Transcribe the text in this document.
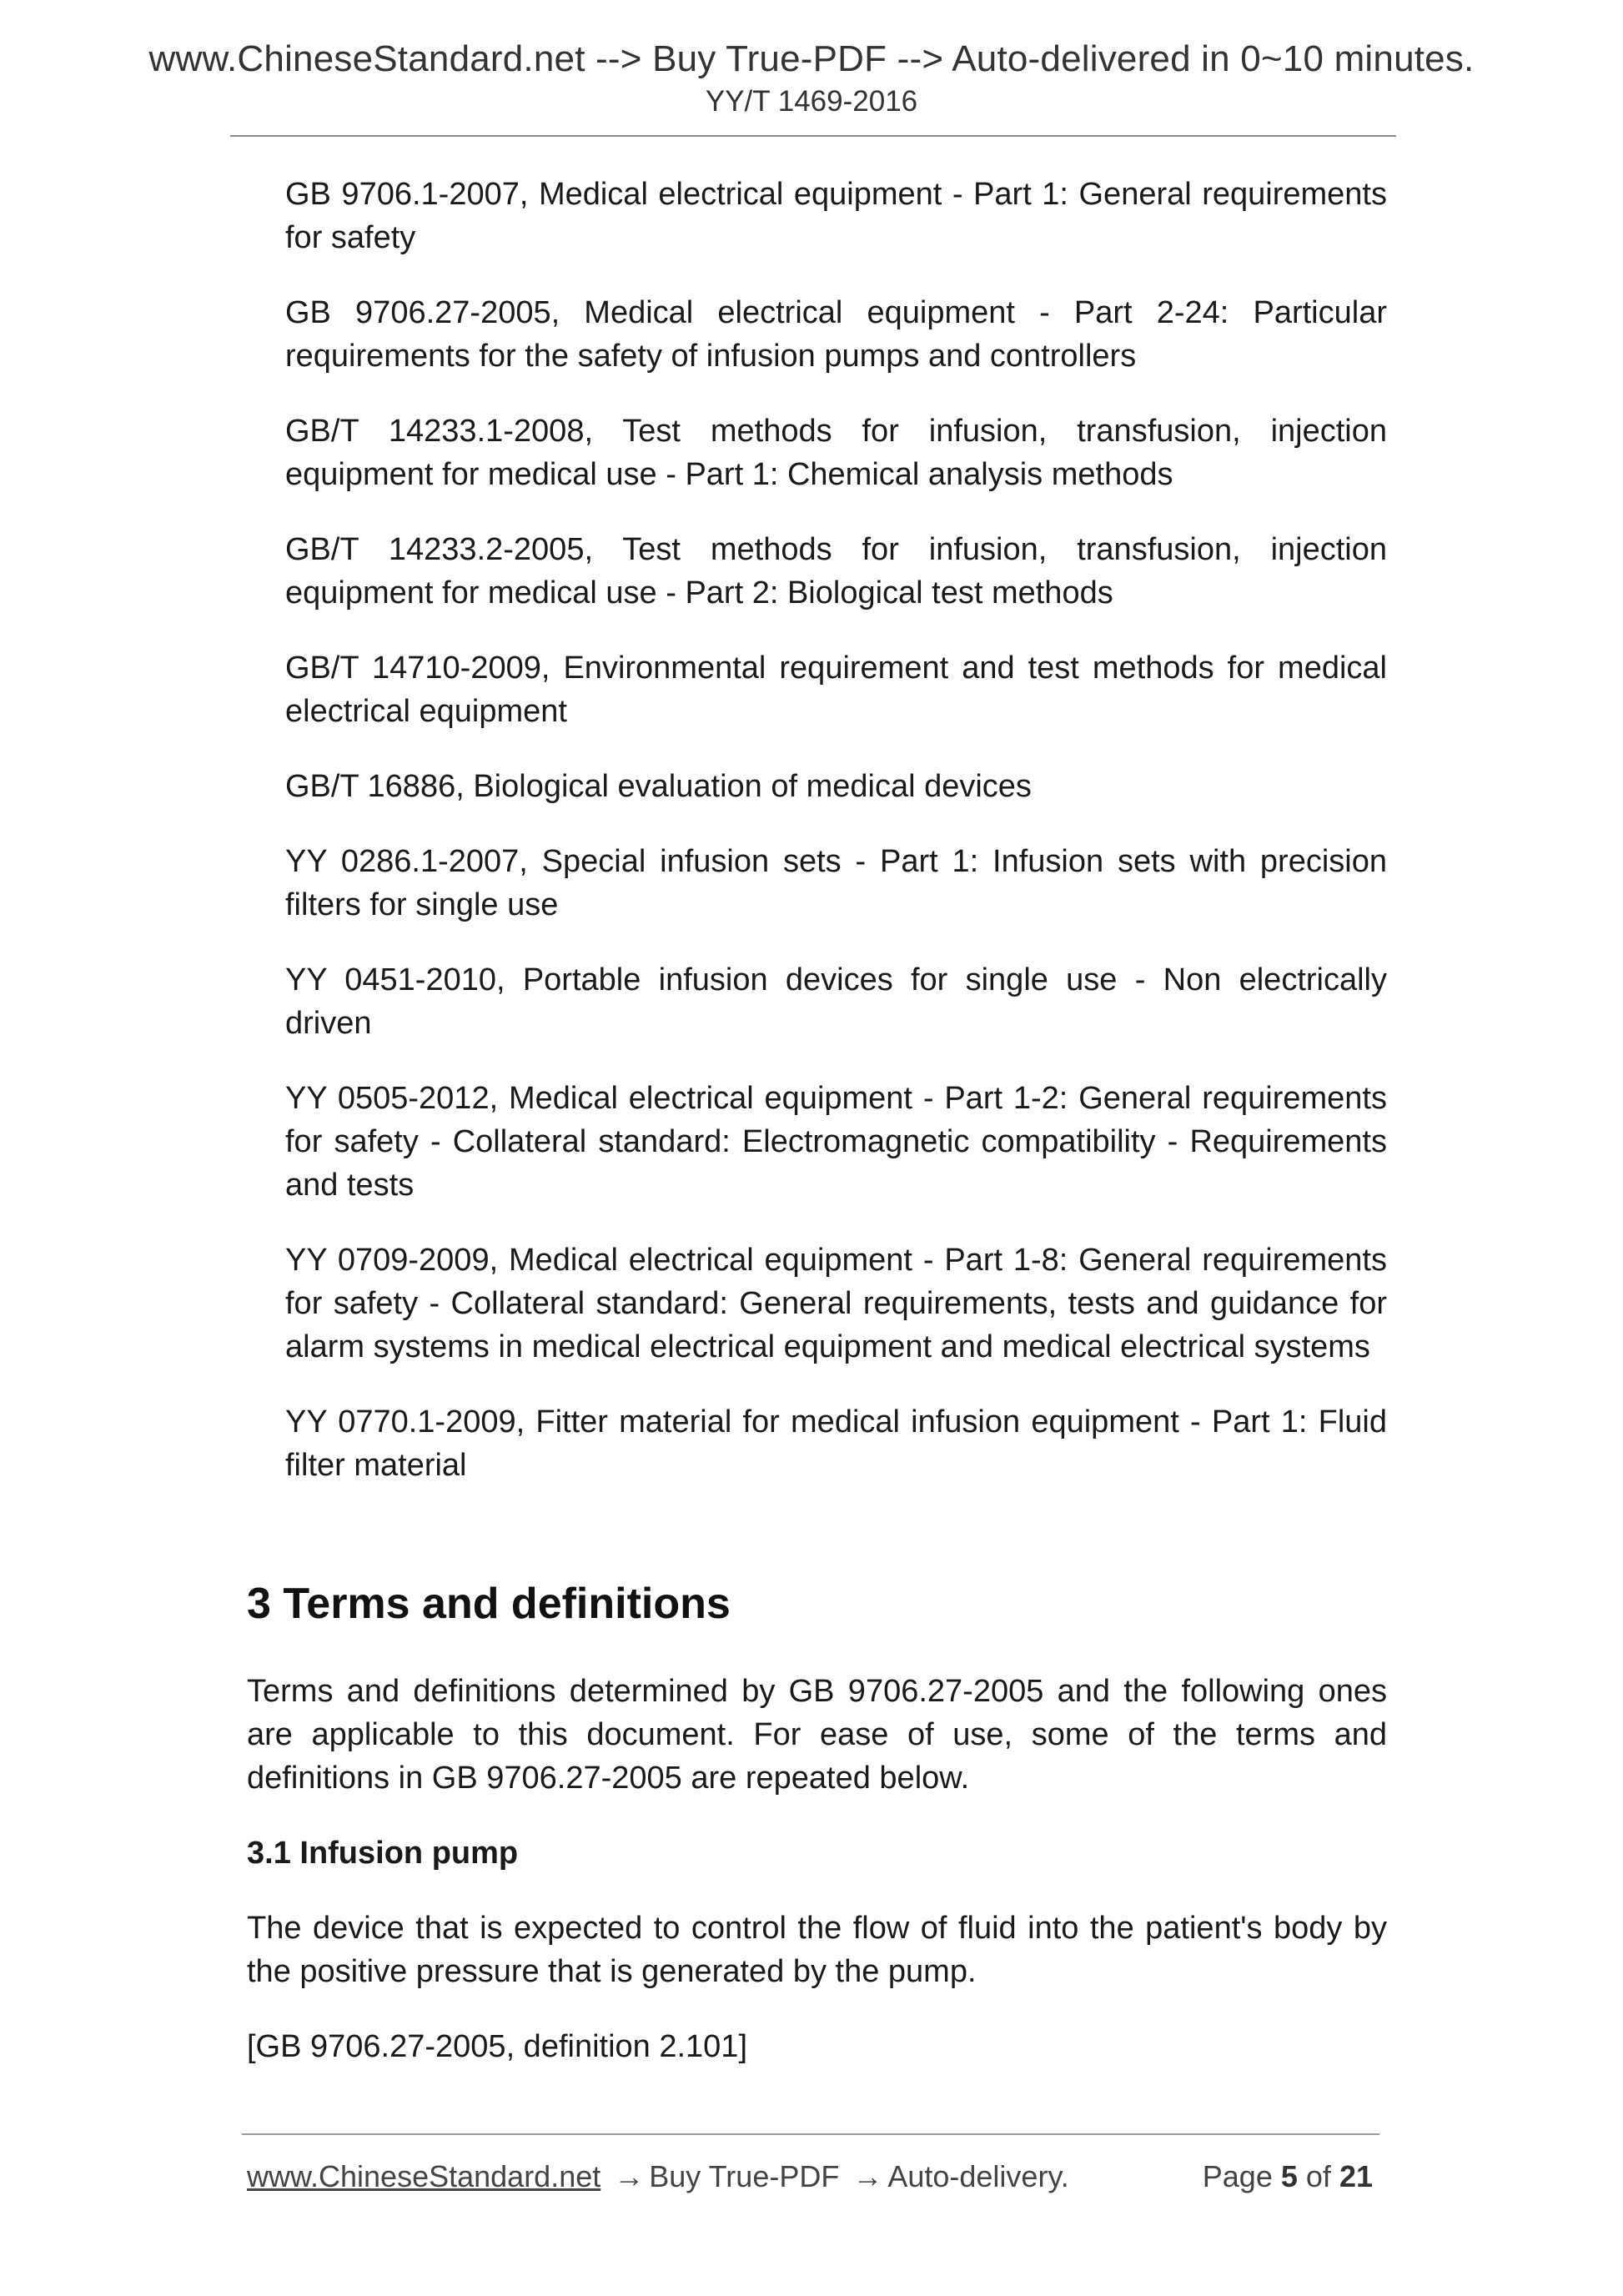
www.ChineseStandard.net --> Buy True-PDF --> Auto-delivered in 0~10 minutes.
YY/T 1469-2016

GB 9706.1-2007, Medical electrical equipment - Part 1: General requirements for safety

GB 9706.27-2005, Medical electrical equipment - Part 2-24: Particular requirements for the safety of infusion pumps and controllers

GB/T 14233.1-2008, Test methods for infusion, transfusion, injection equipment for medical use - Part 1: Chemical analysis methods

GB/T 14233.2-2005, Test methods for infusion, transfusion, injection equipment for medical use - Part 2: Biological test methods

GB/T 14710-2009, Environmental requirement and test methods for medical electrical equipment

GB/T 16886, Biological evaluation of medical devices

YY 0286.1-2007, Special infusion sets - Part 1: Infusion sets with precision filters for single use

YY 0451-2010, Portable infusion devices for single use - Non electrically driven

YY 0505-2012, Medical electrical equipment - Part 1-2: General requirements for safety - Collateral standard: Electromagnetic compatibility - Requirements and tests

YY 0709-2009, Medical electrical equipment - Part 1-8: General requirements for safety - Collateral standard: General requirements, tests and guidance for alarm systems in medical electrical equipment and medical electrical systems

YY 0770.1-2009, Fitter material for medical infusion equipment - Part 1: Fluid filter material

3 Terms and definitions

Terms and definitions determined by GB 9706.27-2005 and the following ones are applicable to this document. For ease of use, some of the terms and definitions in GB 9706.27-2005 are repeated below.

3.1 Infusion pump

The device that is expected to control the flow of fluid into the patient's body by the positive pressure that is generated by the pump.

[GB 9706.27-2005, definition 2.101]

www.ChineseStandard.net → Buy True-PDF → Auto-delivery.	Page 5 of 21
